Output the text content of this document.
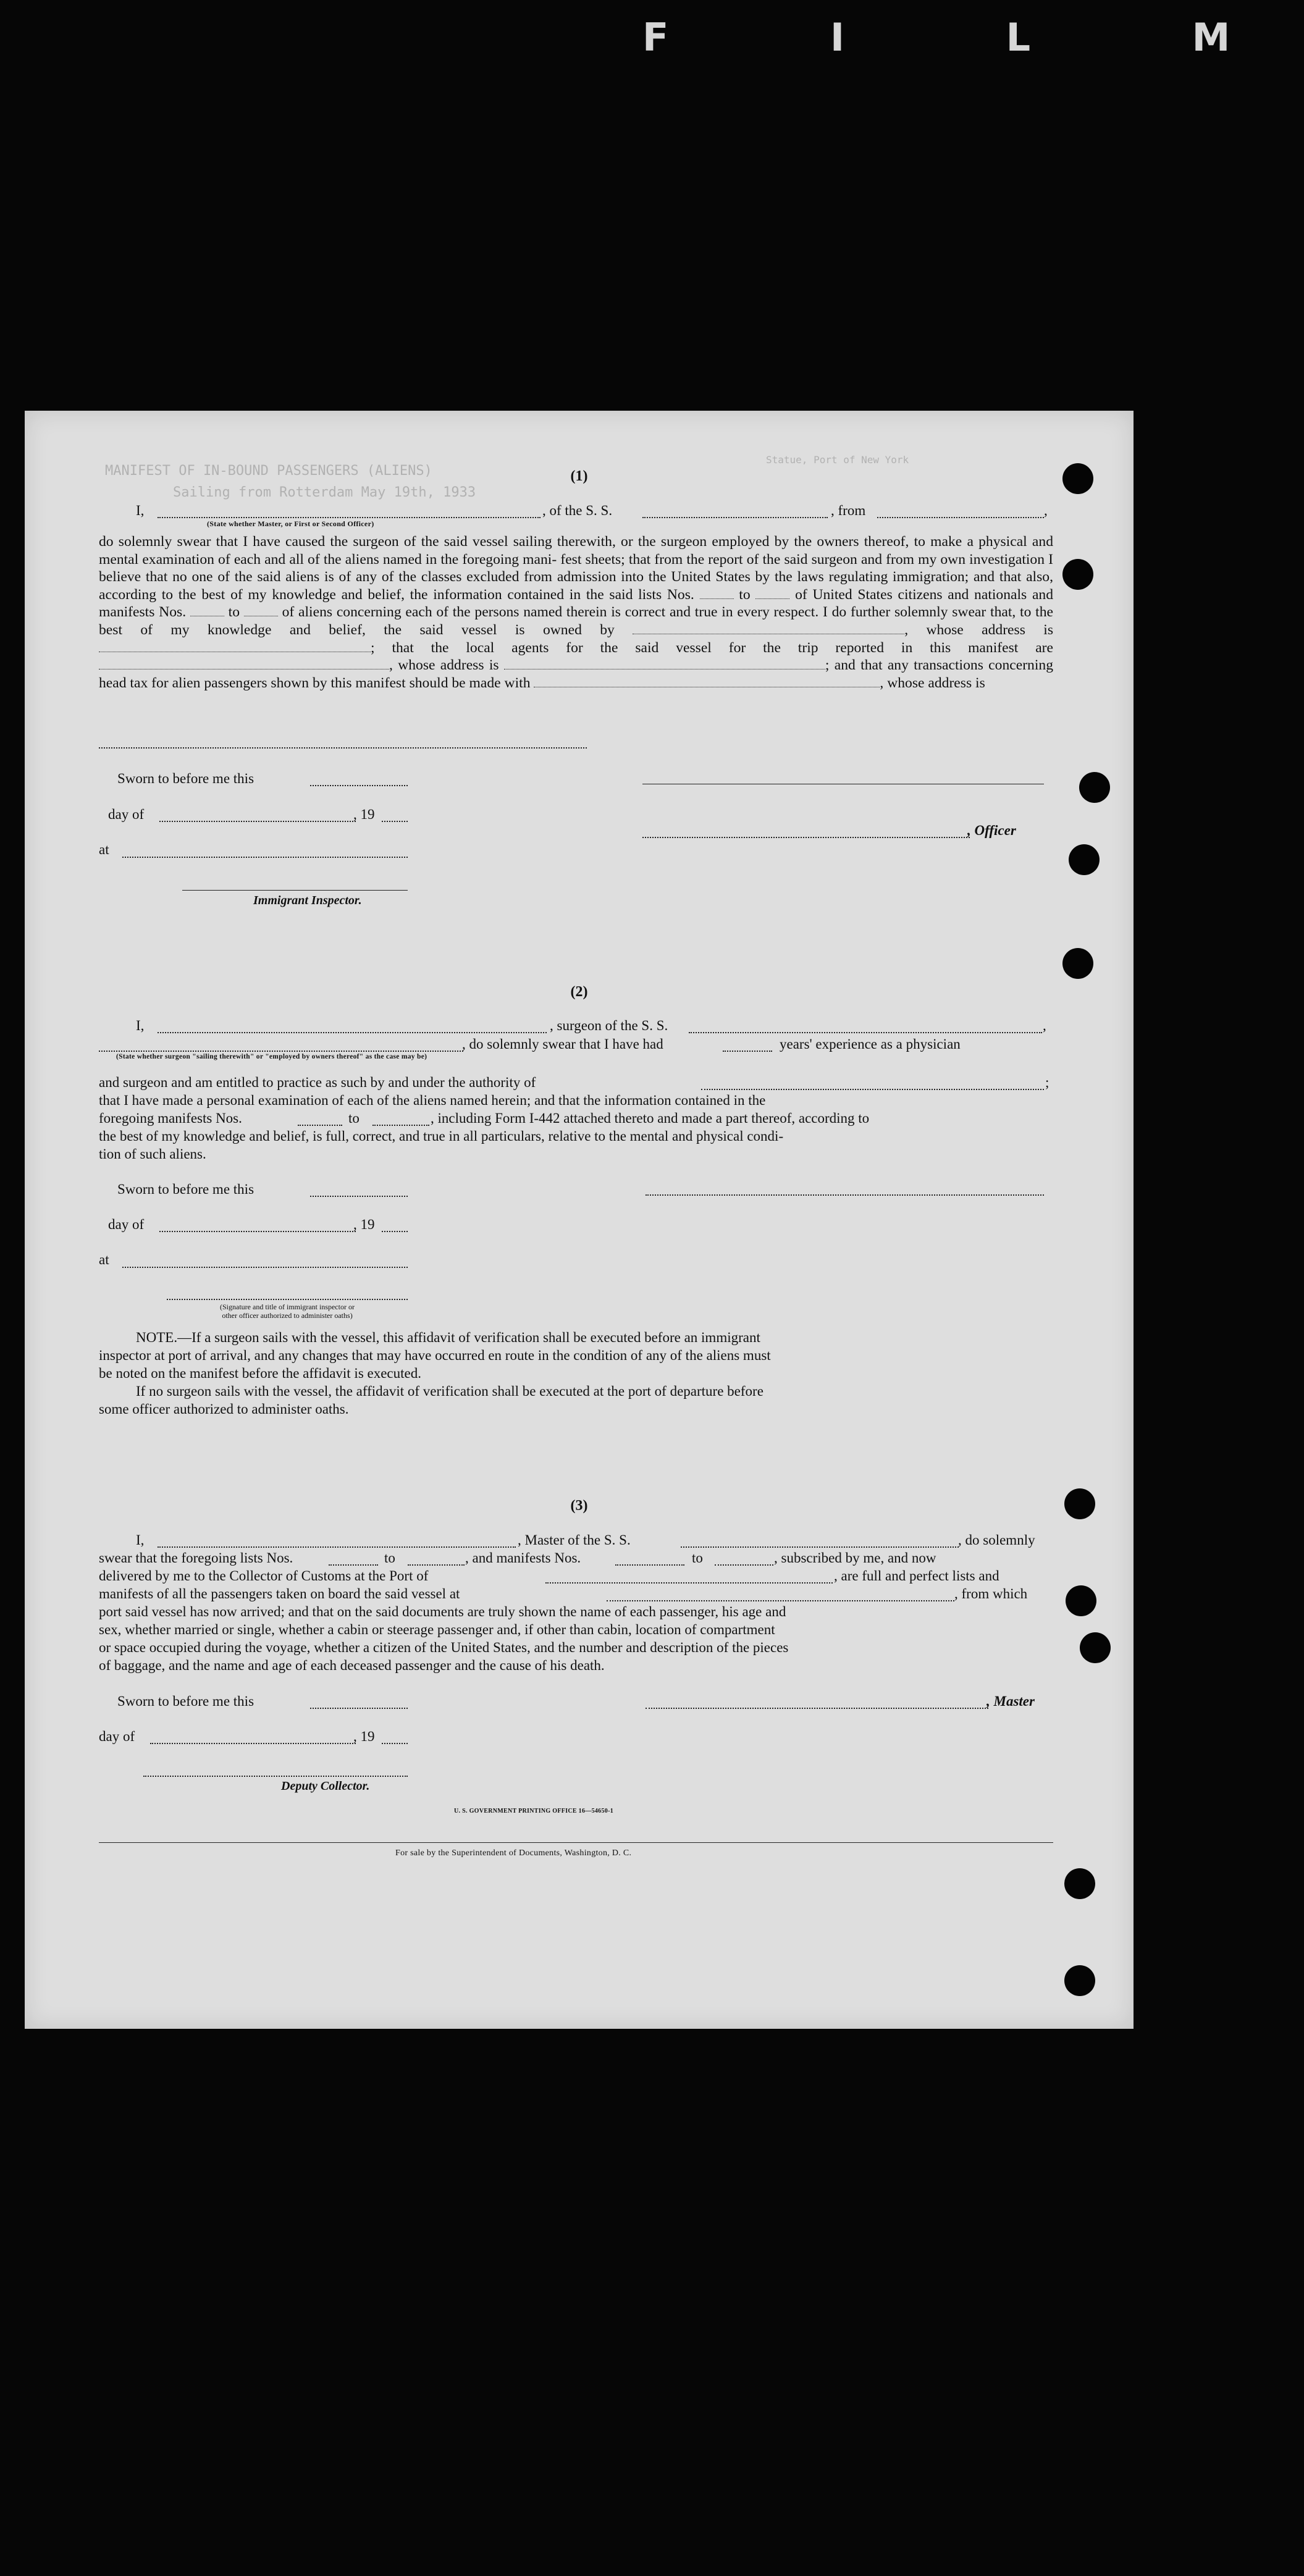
F I L M
MANIFEST OF IN-BOUND PASSENGERS (ALIENS)
Sailing from Rotterdam May 19th, 1933
Statue, Port of New York
(1)
I,	, of the S. S.	, from	,
(State whether Master, or First or Second Officer)
do solemnly swear that I have caused the surgeon of the said vessel sailing therewith, or the surgeon employed by the owners thereof, to make a physical and mental examination of each and all of the aliens named in the foregoing mani- fest sheets; that from the report of the said surgeon and from my own investigation I believe that no one of the said aliens is of any of the classes excluded from admission into the United States by the laws regulating immigration; and that also, according to the best of my knowledge and belief, the information contained in the said lists Nos.	to	of United States citizens and nationals and manifests Nos.	to	of aliens concerning each of the persons named therein is correct and true in every respect. I do further solemnly swear that, to the best of my knowledge and belief, the said vessel is owned by	, whose address is ; that the local agents for the said vessel for the trip reported in this manifest are , whose address is	; and that any transactions concerning head tax for alien passengers shown by this manifest should be made with	, whose address is
Sworn to before me this
day of	, 19
, Officer
at
Immigrant Inspector.
(2)
I,	, surgeon of the S. S.	,
, do solemnly swear that I have had	years' experience as a physician
(State whether surgeon "sailing therewith" or "employed by owners thereof" as the case may be)
and surgeon and am entitled to practice as such by and under the authority of	;
that I have made a personal examination of each of the aliens named herein; and that the information contained in the
foregoing manifests Nos.	to	, including Form I-442 attached thereto and made a part thereof, according to
the best of my knowledge and belief, is full, correct, and true in all particulars, relative to the mental and physical condi-
tion of such aliens.
Sworn to before me this
day of	, 19
at
(Signature and title of immigrant inspector or
other officer authorized to administer oaths)
NOTE.—If a surgeon sails with the vessel, this affidavit of verification shall be executed before an immigrant
inspector at port of arrival, and any changes that may have occurred en route in the condition of any of the aliens must
be noted on the manifest before the affidavit is executed.
If no surgeon sails with the vessel, the affidavit of verification shall be executed at the port of departure before
some officer authorized to administer oaths.
(3)
I,	, Master of the S. S.	, do solemnly
swear that the foregoing lists Nos.	to	, and manifests Nos.	to	, subscribed by me, and now
delivered by me to the Collector of Customs at the Port of	, are full and perfect lists and
manifests of all the passengers taken on board the said vessel at	, from which
port said vessel has now arrived; and that on the said documents are truly shown the name of each passenger, his age and
sex, whether married or single, whether a cabin or steerage passenger and, if other than cabin, location of compartment
or space occupied during the voyage, whether a citizen of the United States, and the number and description of the pieces
of baggage, and the name and age of each deceased passenger and the cause of his death.
Sworn to before me this	, Master
day of	, 19
Deputy Collector.
U. S. GOVERNMENT PRINTING OFFICE 16—54650-1
For sale by the Superintendent of Documents, Washington, D. C.
